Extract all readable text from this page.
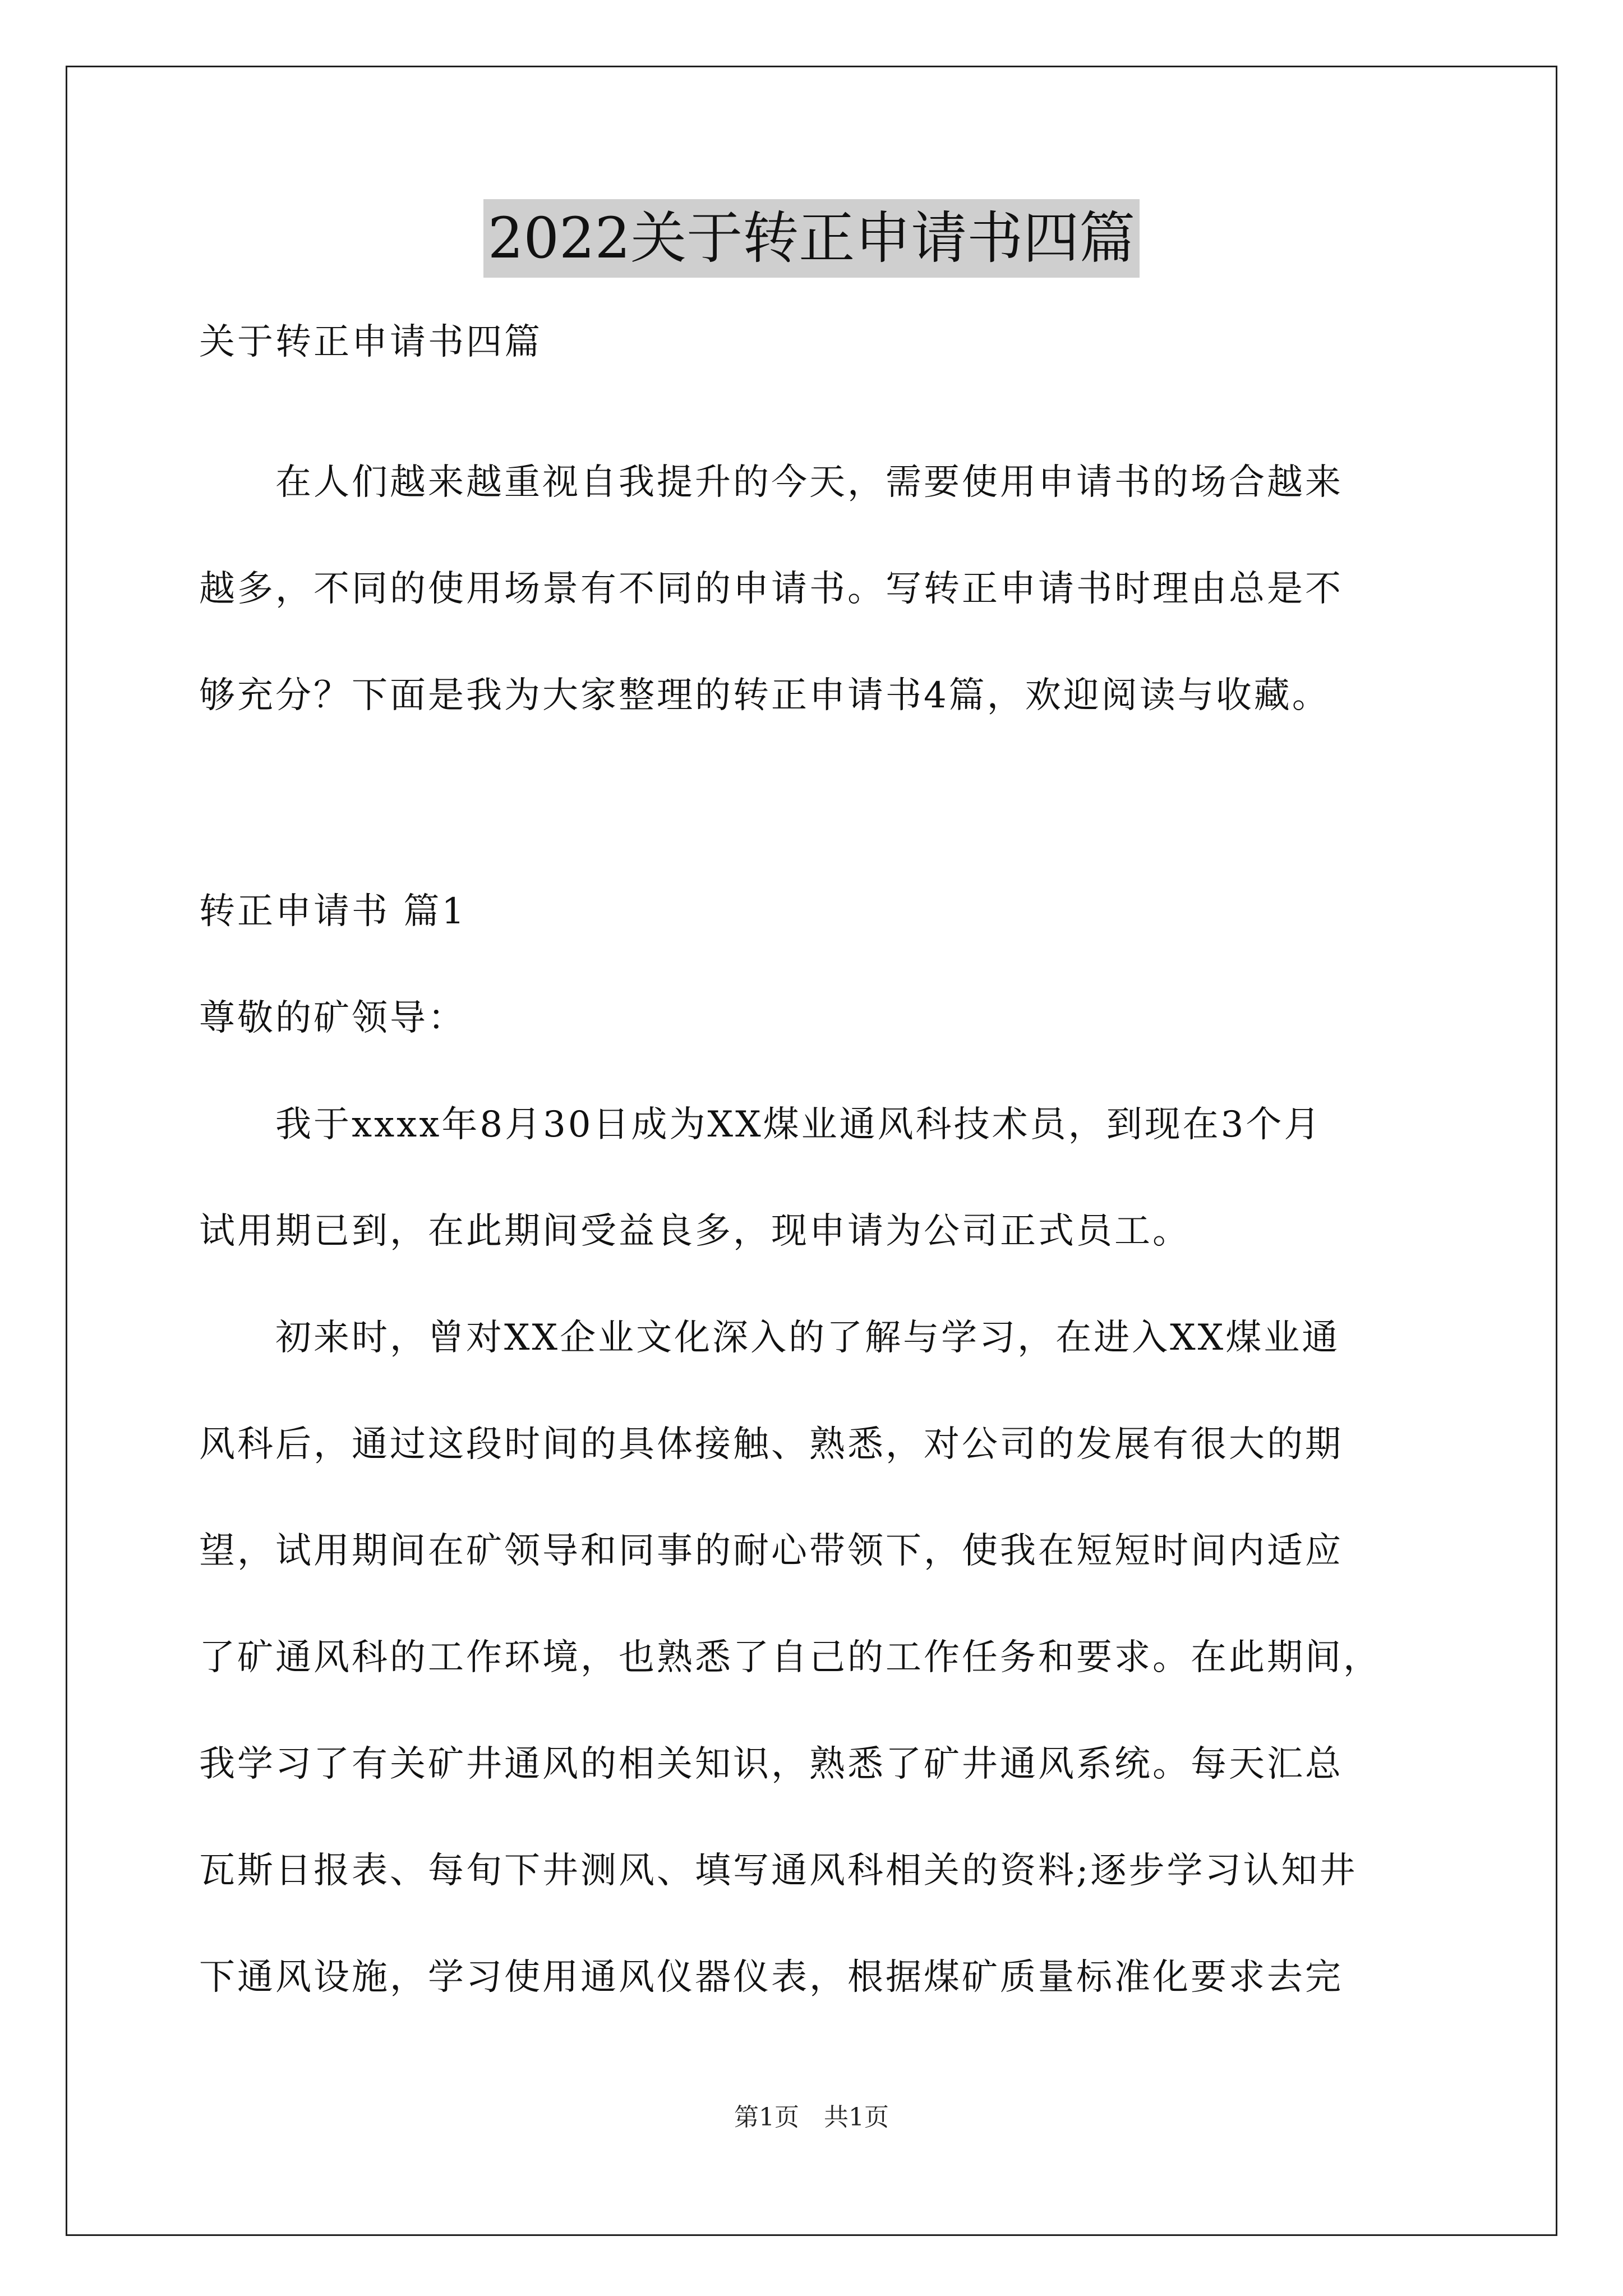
2022关于转正申请书四篇
关于转正申请书四篇
　　在人们越来越重视自我提升的今天，需要使用申请书的场合越来
越多，不同的使用场景有不同的申请书。写转正申请书时理由总是不
够充分？下面是我为大家整理的转正申请书4篇，欢迎阅读与收藏。
转正申请书 篇1
尊敬的矿领导：
　　我于xxxx年8月30日成为XX煤业通风科技术员，到现在3个月
试用期已到，在此期间受益良多，现申请为公司正式员工。
　　初来时，曾对XX企业文化深入的了解与学习，在进入XX煤业通
风科后，通过这段时间的具体接触、熟悉，对公司的发展有很大的期
望，试用期间在矿领导和同事的耐心带领下，使我在短短时间内适应
了矿通风科的工作环境，也熟悉了自己的工作任务和要求。在此期间，
我学习了有关矿井通风的相关知识，熟悉了矿井通风系统。每天汇总
瓦斯日报表、每旬下井测风、填写通风科相关的资料;逐步学习认知井
下通风设施，学习使用通风仪器仪表，根据煤矿质量标准化要求去完
第1页　共1页
